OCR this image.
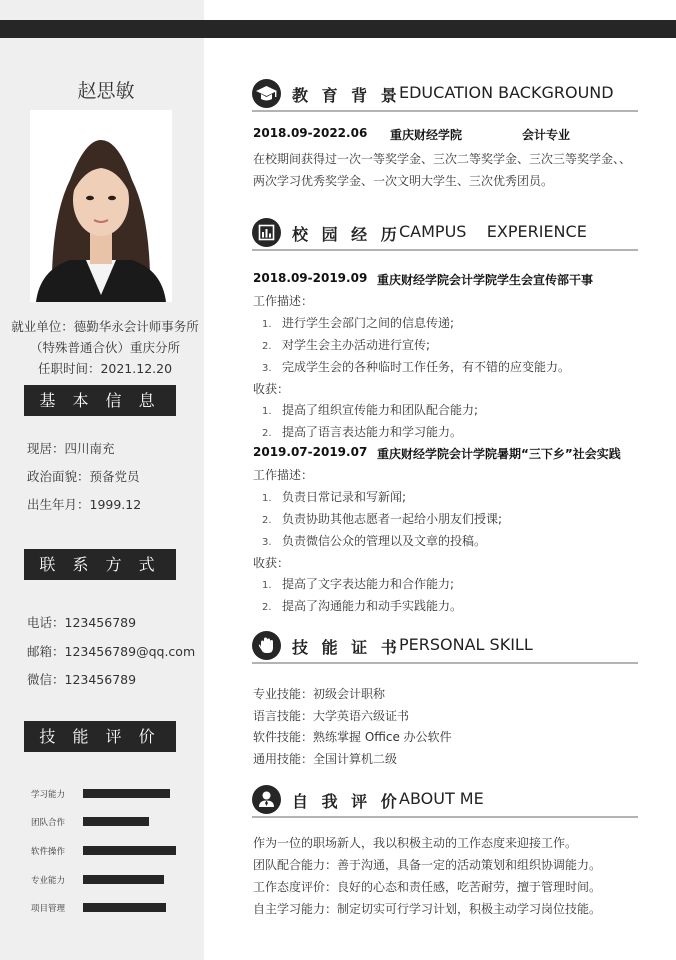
赵思敏
就业单位：德勤华永会计师事务所
（特殊普通合伙）重庆分所
任职时间：2021.12.20
基 本 信 息
现居：四川南充
政治面貌：预备党员
出生年月：1999.12
联 系 方 式
电话：123456789
邮箱：123456789@qq.com
微信：123456789
技 能 评 价
学习能力
团队合作
软件操作
专业能力
项目管理
教 育 背 景
EDUCATION BACKGROUND
2018.09-2022.06 重庆财经学院	会计专业
在校期间获得过一次一等奖学金、三次二等奖学金、三次三等奖学金、、
两次学习优秀奖学金、一次文明大学生、三次优秀团员。
校 园 经 历
CAMPUS    EXPERIENCE
2018.09-2019.09 重庆财经学院会计学院学生会宣传部干事
工作描述：
1. 进行学生会部门之间的信息传递;
2. 对学生会主办活动进行宣传;
3. 完成学生会的各种临时工作任务，有不错的应变能力。
收获：
1. 提高了组织宣传能力和团队配合能力;
2. 提高了语言表达能力和学习能力。
2019.07-2019.07 重庆财经学院会计学院暑期“三下乡”社会实践
工作描述：
1. 负责日常记录和写新闻;
2. 负责协助其他志愿者一起给小朋友们授课;
3. 负责微信公众的管理以及文章的投稿。
收获：
1. 提高了文字表达能力和合作能力;
2. 提高了沟通能力和动手实践能力。
技 能 证 书
PERSONAL SKILL
专业技能：初级会计职称
语言技能：大学英语六级证书
软件技能：熟练掌握 Office 办公软件
通用技能：全国计算机二级
自 我 评 价
ABOUT ME
作为一位的职场新人，我以积极主动的工作态度来迎接工作。
团队配合能力：善于沟通，具备一定的活动策划和组织协调能力。
工作态度评价：良好的心态和责任感，吃苦耐劳，擅于管理时间。
自主学习能力：制定切实可行学习计划，积极主动学习岗位技能。
